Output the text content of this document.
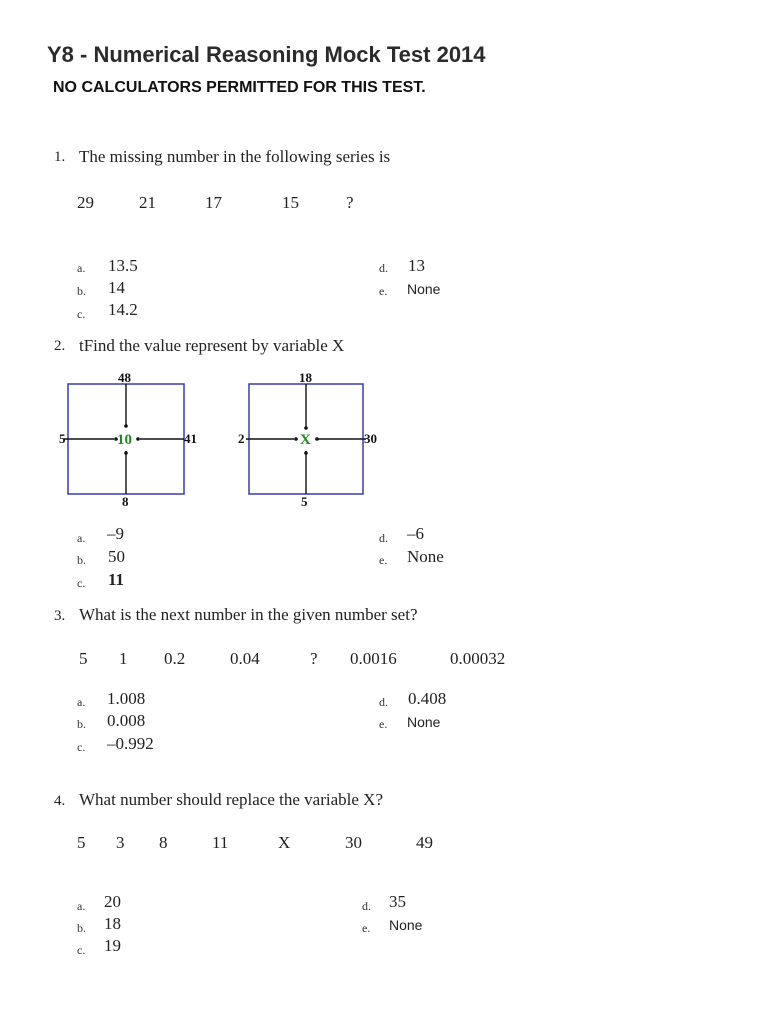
Y8 - Numerical Reasoning Mock Test 2014
NO CALCULATORS PERMITTED FOR THIS TEST.
1. The missing number in the following series is
29	21	17	15	?
a. 13.5
b. 14
c. 14.2
d. 13
e. None
2. tFind the value represent by variable X
48
5	10	41
8
18
2	X	30
5
a. –9
b. 50
c. 11
d. –6
e. None
3. What is the next number in the given number set?
5 1 0.2	0.04	? 0.0016	0.00032
a. 1.008
b. 0.008
c. –0.992
d. 0.408
e. None
4. What number should replace the variable X?
5 3 8	11	X	30	49
a. 20
b. 18
c. 19
d. 35
e. None
